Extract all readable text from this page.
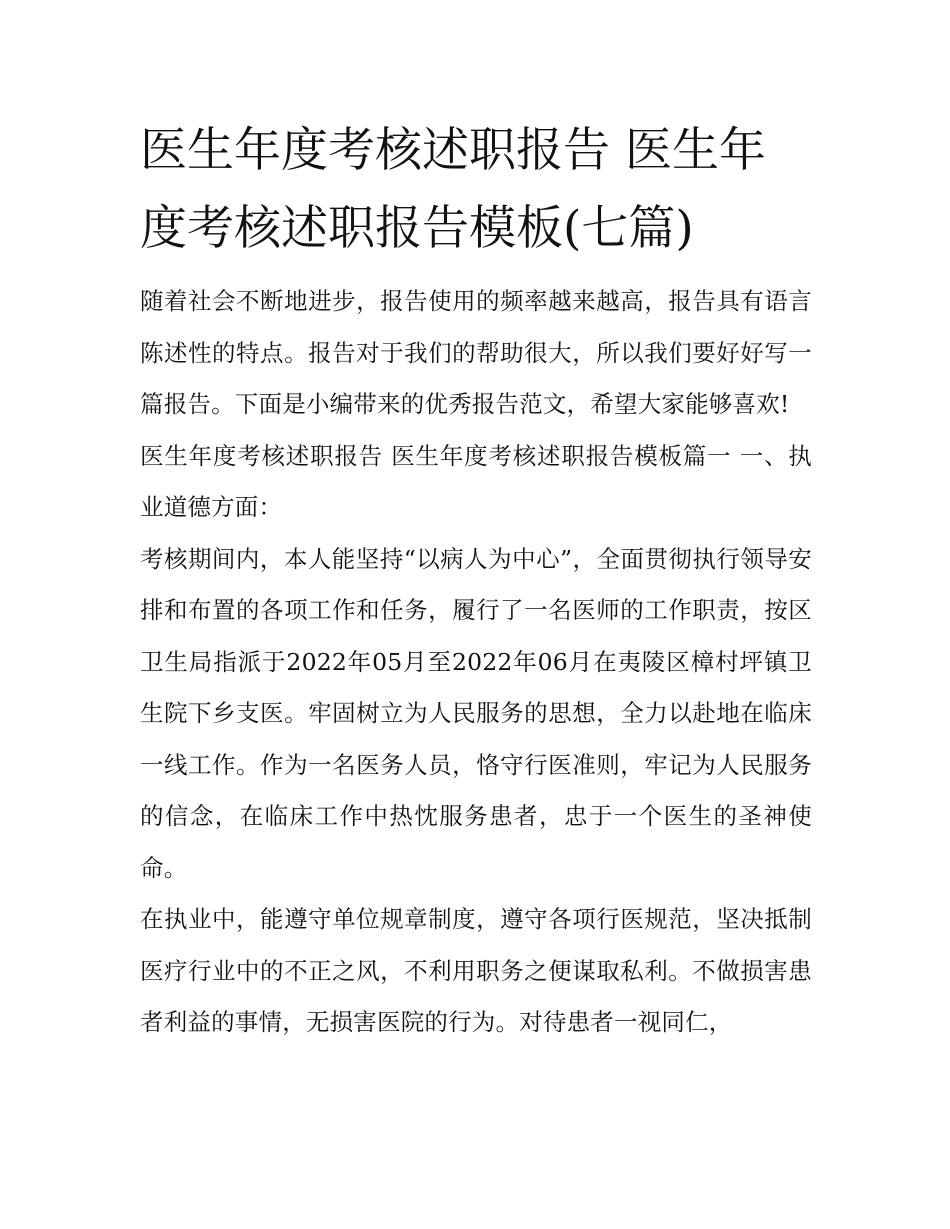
医生年度考核述职报告 医生年度考核述职报告模板(七篇)

随着社会不断地进步，报告使用的频率越来越高，报告具有语言陈述性的特点。报告对于我们的帮助很大，所以我们要好好写一篇报告。下面是小编带来的优秀报告范文，希望大家能够喜欢!

医生年度考核述职报告 医生年度考核述职报告模板篇一 一、执业道德方面：

考核期间内，本人能坚持“以病人为中心”，全面贯彻执行领导安排和布置的各项工作和任务，履行了一名医师的工作职责，按区卫生局指派于2022年05月至2022年06月在夷陵区樟村坪镇卫生院下乡支医。牢固树立为人民服务的思想，全力以赴地在临床一线工作。作为一名医务人员，恪守行医准则，牢记为人民服务的信念，在临床工作中热忱服务患者，忠于一个医生的圣神使命。

在执业中，能遵守单位规章制度，遵守各项行医规范，坚决抵制医疗行业中的不正之风，不利用职务之便谋取私利。不做损害患者利益的事情，无损害医院的行为。对待患者一视同仁，
